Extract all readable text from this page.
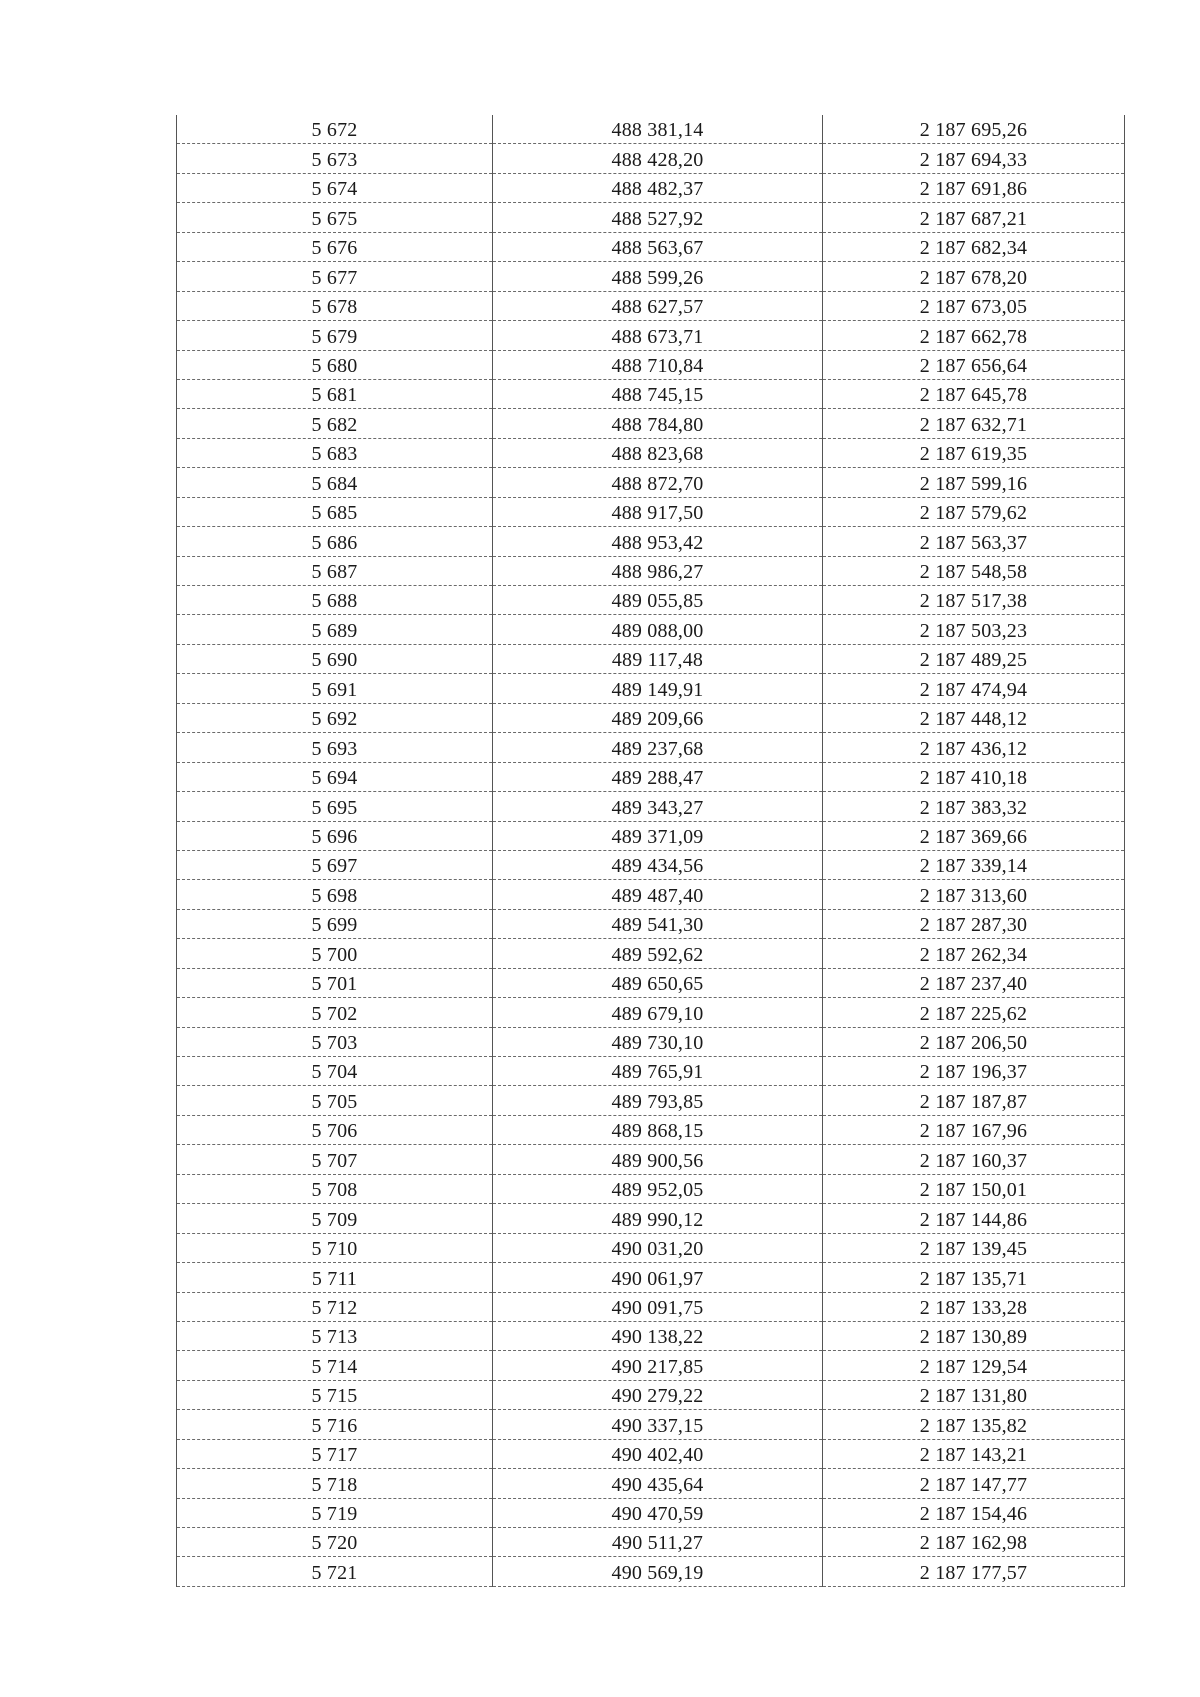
5 672	488 381,14	2 187 695,26
5 673	488 428,20	2 187 694,33
5 674	488 482,37	2 187 691,86
5 675	488 527,92	2 187 687,21
5 676	488 563,67	2 187 682,34
5 677	488 599,26	2 187 678,20
5 678	488 627,57	2 187 673,05
5 679	488 673,71	2 187 662,78
5 680	488 710,84	2 187 656,64
5 681	488 745,15	2 187 645,78
5 682	488 784,80	2 187 632,71
5 683	488 823,68	2 187 619,35
5 684	488 872,70	2 187 599,16
5 685	488 917,50	2 187 579,62
5 686	488 953,42	2 187 563,37
5 687	488 986,27	2 187 548,58
5 688	489 055,85	2 187 517,38
5 689	489 088,00	2 187 503,23
5 690	489 117,48	2 187 489,25
5 691	489 149,91	2 187 474,94
5 692	489 209,66	2 187 448,12
5 693	489 237,68	2 187 436,12
5 694	489 288,47	2 187 410,18
5 695	489 343,27	2 187 383,32
5 696	489 371,09	2 187 369,66
5 697	489 434,56	2 187 339,14
5 698	489 487,40	2 187 313,60
5 699	489 541,30	2 187 287,30
5 700	489 592,62	2 187 262,34
5 701	489 650,65	2 187 237,40
5 702	489 679,10	2 187 225,62
5 703	489 730,10	2 187 206,50
5 704	489 765,91	2 187 196,37
5 705	489 793,85	2 187 187,87
5 706	489 868,15	2 187 167,96
5 707	489 900,56	2 187 160,37
5 708	489 952,05	2 187 150,01
5 709	489 990,12	2 187 144,86
5 710	490 031,20	2 187 139,45
5 711	490 061,97	2 187 135,71
5 712	490 091,75	2 187 133,28
5 713	490 138,22	2 187 130,89
5 714	490 217,85	2 187 129,54
5 715	490 279,22	2 187 131,80
5 716	490 337,15	2 187 135,82
5 717	490 402,40	2 187 143,21
5 718	490 435,64	2 187 147,77
5 719	490 470,59	2 187 154,46
5 720	490 511,27	2 187 162,98
5 721	490 569,19	2 187 177,57
